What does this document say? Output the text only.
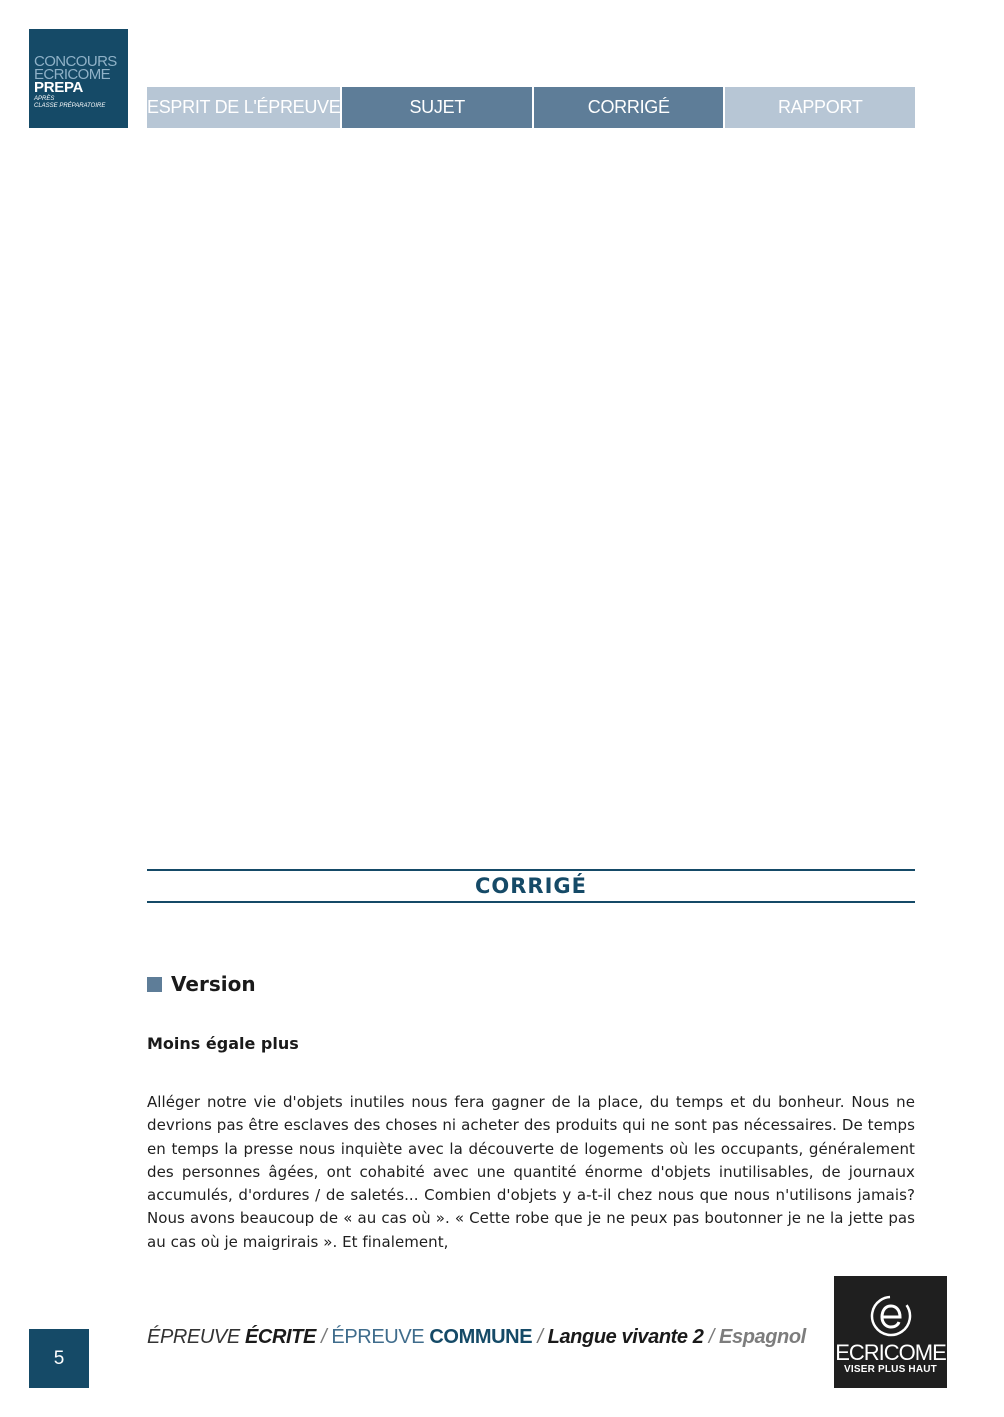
CONCOURS
ECRICOME
PREPA
APRÈS
CLASSE PRÉPARATOIRE	ESPRIT DE L'ÉPREUVE	SUJET	CORRIGÉ	RAPPORT
CORRIGÉ
Version
Moins égale plus
Alléger notre vie d'objets inutiles nous fera gagner de la place, du temps et du bonheur. Nous ne devrions pas être esclaves des choses ni acheter des produits qui ne sont pas nécessaires. De temps en temps la presse nous inquiète avec la découverte de logements où les occupants, généralement des personnes âgées, ont cohabité avec une quantité énorme d'objets inutilisables, de journaux accumulés, d'ordures / de saletés... Combien d'objets y a-t-il chez nous que nous n'utilisons jamais? Nous avons beaucoup de « au cas où ». « Cette robe que je ne peux pas boutonner je ne la jette pas au cas où je maigrirais ». Et finalement,
5
ÉPREUVE ÉCRITE / ÉPREUVE COMMUNE / Langue vivante 2 / Espagnol
ECRICOME
VISER PLUS HAUT
